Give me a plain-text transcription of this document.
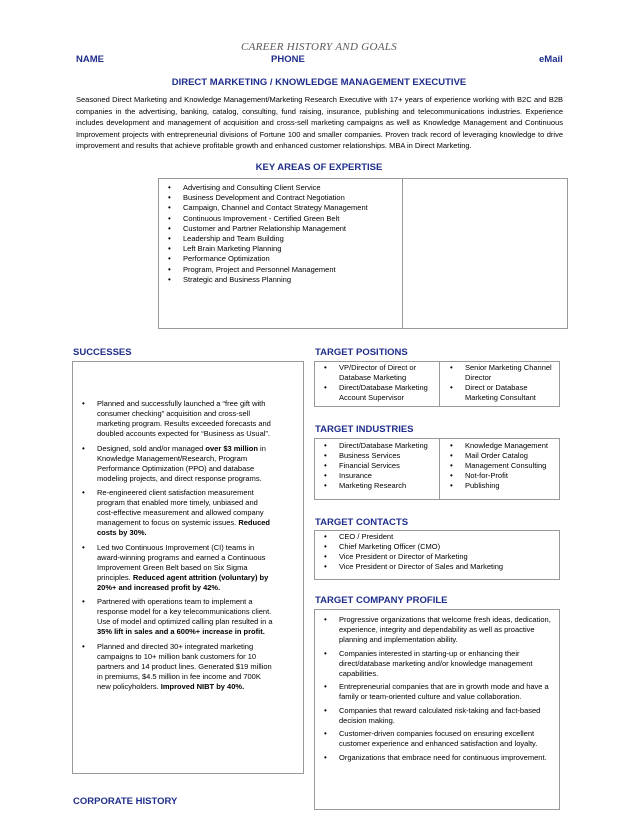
CAREER HISTORY AND GOALS
NAME	PHONE	eMail
DIRECT MARKETING / KNOWLEDGE MANAGEMENT EXECUTIVE
Seasoned Direct Marketing and Knowledge Management/Marketing Research Executive with 17+ years of experience working with B2C and B2B companies in the advertising, banking, catalog, consulting, fund raising, insurance, publishing and telecommunications industries. Experience includes development and management of acquisition and cross-sell marketing campaigns as well as Knowledge Management and Continuous Improvement projects with entrepreneurial divisions of Fortune 100 and smaller companies. Proven track record of leveraging knowledge to drive improvement and results that achieve profitable growth and enhanced customer relationships. MBA in Direct Marketing.
KEY AREAS OF EXPERTISE
• Advertising and Consulting Client Service
• Business Development and Contract Negotiation
• Campaign, Channel and Contact Strategy Management
• Continuous Improvement - Certified Green Belt
• Customer and Partner Relationship Management
• Leadership and Team Building
• Left Brain Marketing Planning
• Performance Optimization
• Program, Project and Personnel Management
• Strategic and Business Planning
SUCCESSES
• Planned and successfully launched a “free gift with consumer checking” acquisition and cross-sell marketing program. Results exceeded forecasts and doubled accounts expected for “Business as Usual”.
• Designed, sold and/or managed over $3 million in Knowledge Management/Research, Program Performance Optimization (PPO) and database modeling projects, and direct response programs.
• Re-engineered client satisfaction measurement program that enabled more timely, unbiased and cost-effective measurement and allowed company management to focus on systemic issues. Reduced costs by 30%.
• Led two Continuous Improvement (CI) teams in award-winning programs and earned a Continuous Improvement Green Belt based on Six Sigma principles. Reduced agent attrition (voluntary) by 20%+ and increased profit by 42%.
• Partnered with operations team to implement a response model for a key telecommunications client. Use of model and optimized calling plan resulted in a 35% lift in sales and a 600%+ increase in profit.
• Planned and directed 30+ integrated marketing campaigns to 10+ million bank customers for 10 partners and 14 product lines. Generated $19 million in premiums, $4.5 million in fee income and 700K new policyholders. Improved NIBT by 40%.
TARGET POSITIONS
• VP/Director of Direct or Database Marketing
• Direct/Database Marketing Account Supervisor
• Senior Marketing Channel Director
• Direct or Database Marketing Consultant
TARGET INDUSTRIES
• Direct/Database Marketing
• Business Services
• Financial Services
• Insurance
• Marketing Research
• Knowledge Management
• Mail Order Catalog
• Management Consulting
• Not-for-Profit
• Publishing
TARGET CONTACTS
• CEO / President
• Chief Marketing Officer (CMO)
• Vice President or Director of Marketing
• Vice President or Director of Sales and Marketing
TARGET COMPANY PROFILE
• Progressive organizations that welcome fresh ideas, dedication, experience, integrity and dependability as well as proactive planning and implementation ability.
• Companies interested in starting-up or enhancing their direct/database marketing and/or knowledge management capabilities.
• Entrepreneurial companies that are in growth mode and have a family or team-oriented culture and value collaboration.
• Companies that reward calculated risk-taking and fact-based decision making.
• Customer-driven companies focused on ensuring excellent customer experience and enhanced satisfaction and loyalty.
• Organizations that embrace need for continuous improvement.
CORPORATE HISTORY
